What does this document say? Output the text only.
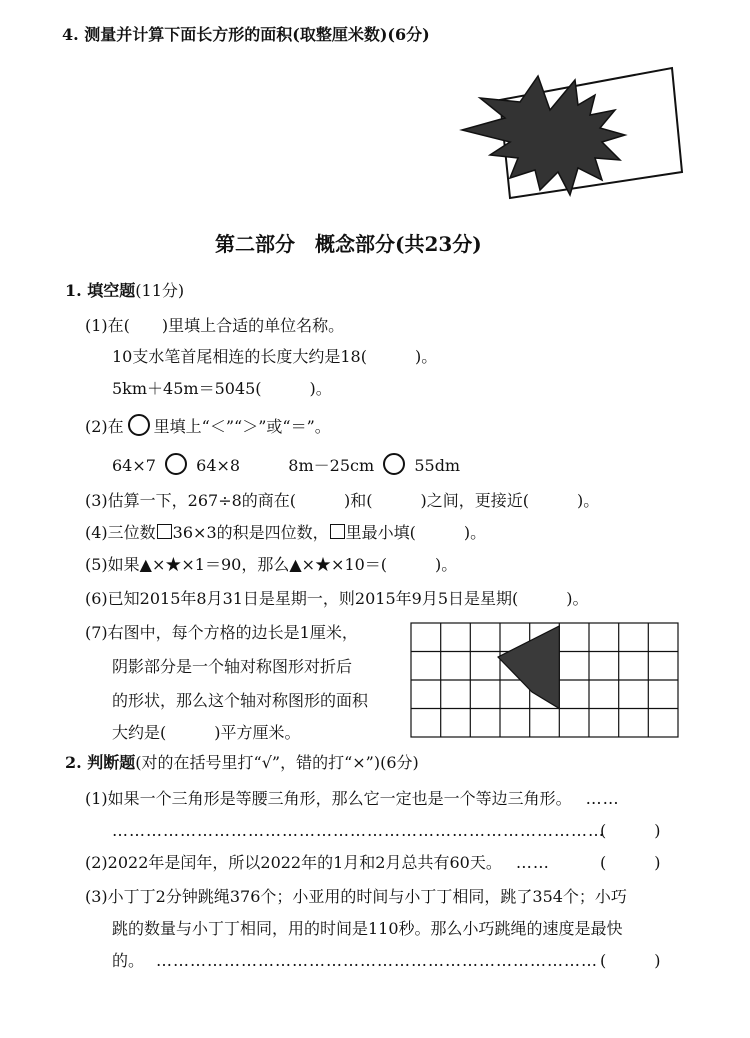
4. 测量并计算下面长方形的面积(取整厘米数)(6分)
第二部分　概念部分(共23分)
1. 填空题(11分)
(1)在(　　)里填上合适的单位名称。
10支水笔首尾相连的长度大约是18(　　　)。
5km＋45m＝5045(　　　)。
(2)在 里填上“＜”“＞”或“＝”。
64×7	64×8	8m－25cm	55dm
(3)估算一下，267÷8的商在(　　　)和(　　　)之间，更接近(　　　)。
(4)三位数 36×3的积是四位数， 里最小填(　　　)。
(5)如果▲×★×1＝90，那么▲×★×10＝(　　　)。
(6)已知2015年8月31日是星期一，则2015年9月5日是星期(　　　)。
(7)右图中，每个方格的边长是1厘米，
阴影部分是一个轴对称图形对折后
的形状，那么这个轴对称图形的面积
大约是(　　　)平方厘米。
2. 判断题(对的在括号里打“√”，错的打“×”)(6分)
(1)如果一个三角形是等腰三角形，那么它一定也是一个等边三角形。 ……
……………………………………………………………………………
(　　　)
(2)2022年是闰年，所以2022年的1月和2月总共有60天。 ……	(　　　)
(3)小丁丁2分钟跳绳376个；小亚用的时间与小丁丁相同，跳了354个；小巧
跳的数量与小丁丁相同，用的时间是110秒。那么小巧跳绳的速度是最快
的。 …………………………………………………………………… (　　　)
